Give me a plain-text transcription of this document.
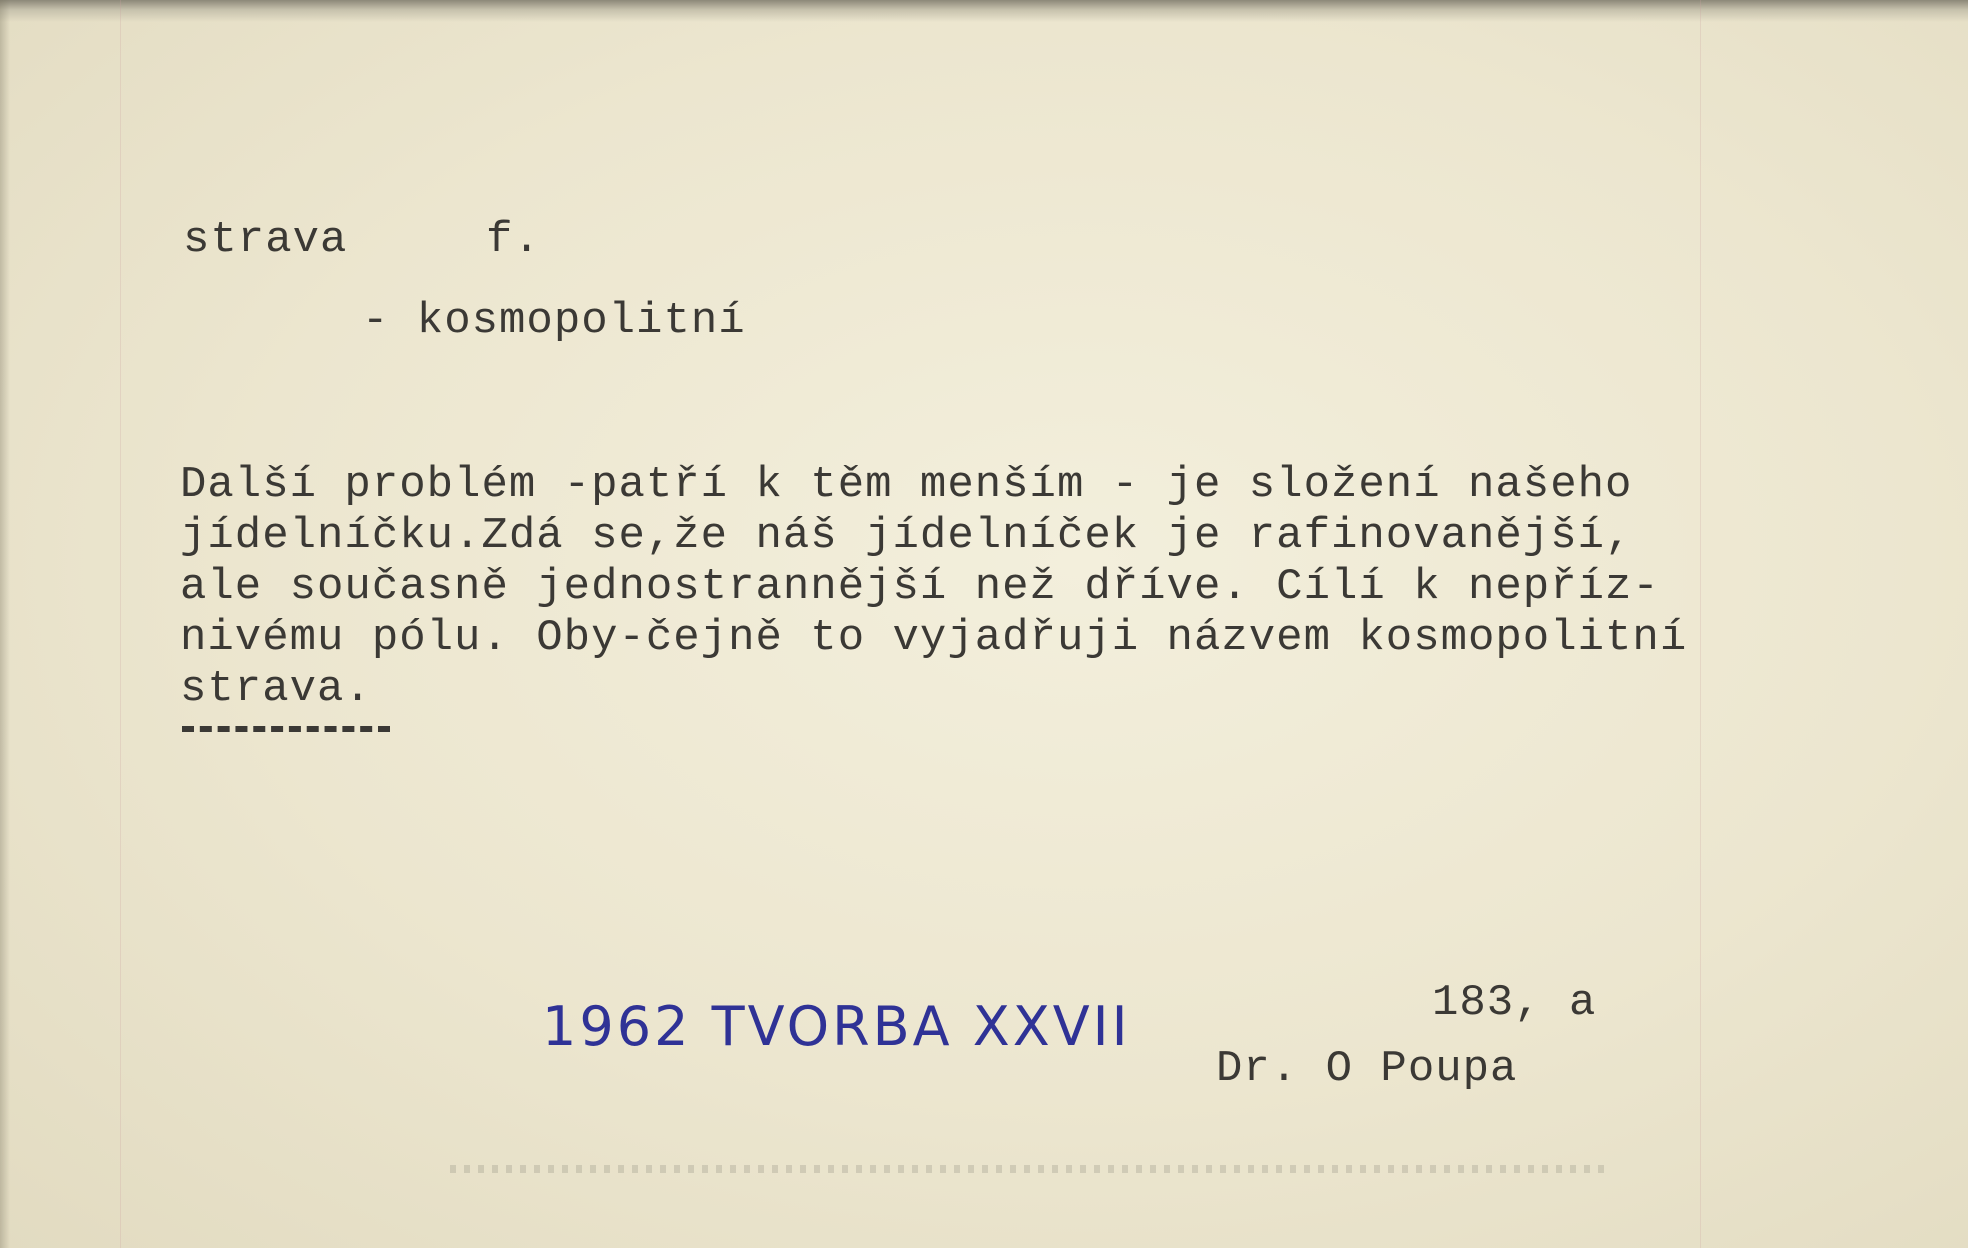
strava	f.
- kosmopolitní
Další problém -patří k těm menším - je složení našeho
jídelníčku.Zdá se,že náš jídelníček je rafinovanější,
ale současně jednostrannější než dříve. Cílí k nepříz-
nivému pólu. Oby-čejně to vyjadřuji názvem kosmopolitní
strava.
1962 TVORBA XXVII	183, a
Dr. O Poupa
